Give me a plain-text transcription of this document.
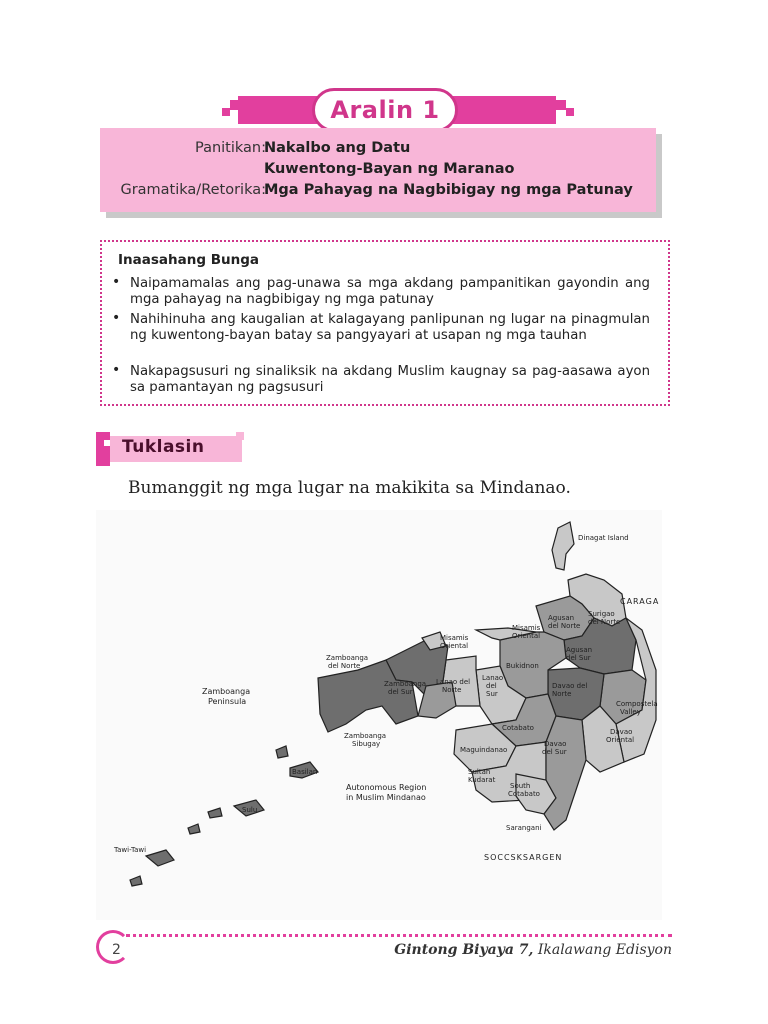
Aralin 1
Panitikan:
Nakalbo ang Datu
Kuwentong-Bayan ng Maranao
Gramatika/Retorika:
Mga Pahayag na Nagbibigay ng mga Patunay
Inaasahang Bunga
• Naipamamalas ang pag-unawa sa mga akdang pampanitikan gayondin ang mga pahayag na nagbibigay ng mga patunay
• Nahihinuha ang kaugalian at kalagayang panlipunan ng lugar na pinagmulan ng kuwentong-bayan batay sa pangyayari at usapan ng mga tauhan
• Nakapagsusuri ng sinaliksik na akdang Muslim kaugnay sa pag-aasawa ayon sa pamantayan ng pagsusuri
Tuklasin
Bumanggit ng mga lugar na makikita sa Mindanao.
Dinagat Island
CARAGA
Surigao
del Norte
Agusan
del Norte
Agusan
del Sur
Misamis
Oriental
Misamis
Oriental
Zamboanga
del Norte
Zamboanga
del Sur
Zamboanga
Peninsula
Zamboanga
Sibugay
Lanao del
Norte
Lanao
del
Sur
Bukidnon
Davao del
Norte
Compostela
Valley
Davao
Oriental
Davao
del Sur
Cotabato
Maguindanao
Sultan
Kudarat
South
Cotabato
Sarangani
Basilan
Sulu
Tawi-Tawi
Autonomous Region
in Muslim Mindanao
SOCCSKSARGEN
2	Gintong Biyaya 7, Ikalawang Edisyon
